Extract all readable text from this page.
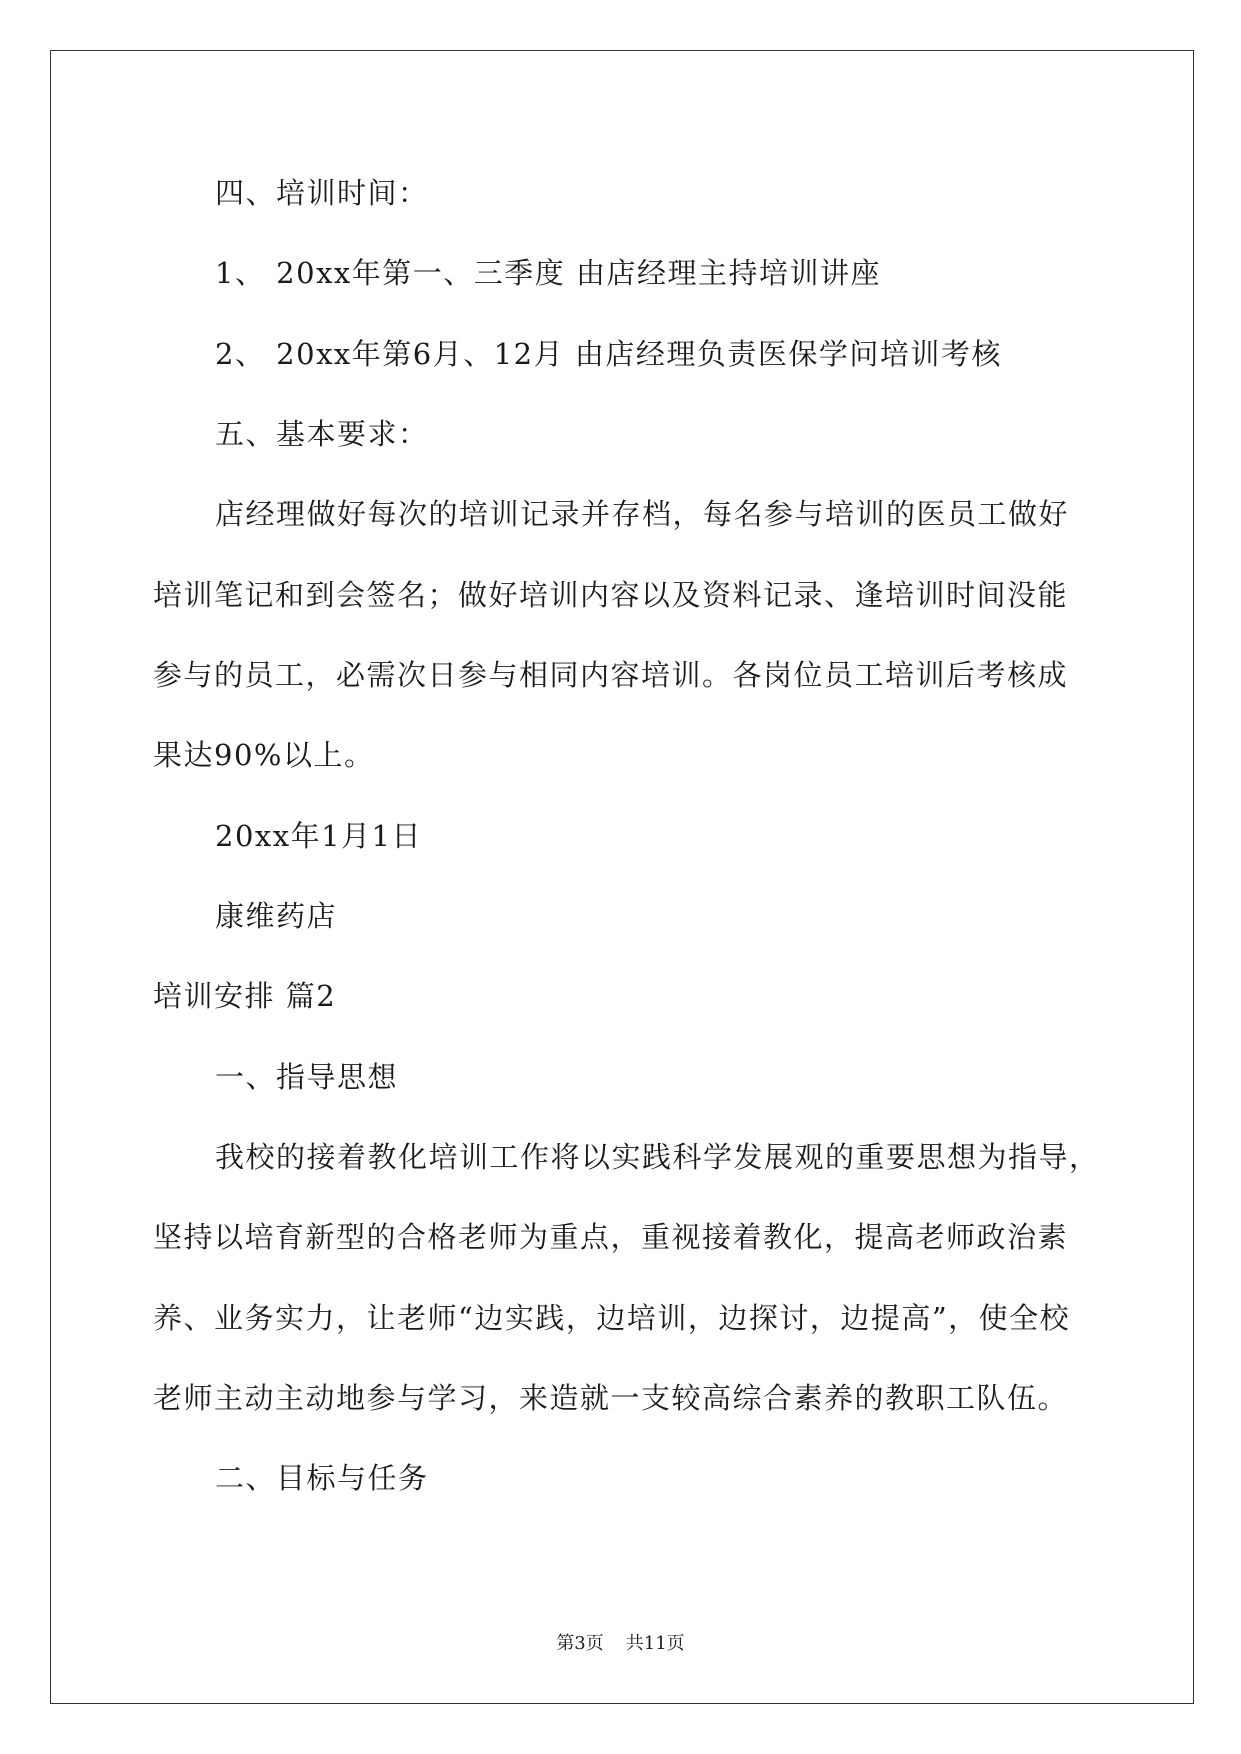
四、培训时间：
1、 20xx年第一、三季度 由店经理主持培训讲座
2、 20xx年第6月、12月 由店经理负责医保学问培训考核
五、基本要求：
店经理做好每次的培训记录并存档，每名参与培训的医员工做好
培训笔记和到会签名；做好培训内容以及资料记录、逢培训时间没能
参与的员工，必需次日参与相同内容培训。各岗位员工培训后考核成
果达90%以上。
20xx年1月1日
康维药店
培训安排 篇2
一、指导思想
我校的接着教化培训工作将以实践科学发展观的重要思想为指导，
坚持以培育新型的合格老师为重点，重视接着教化，提高老师政治素
养、业务实力，让老师“边实践，边培训，边探讨，边提高”，使全校
老师主动主动地参与学习，来造就一支较高综合素养的教职工队伍。
二、目标与任务
第3页 共11页
